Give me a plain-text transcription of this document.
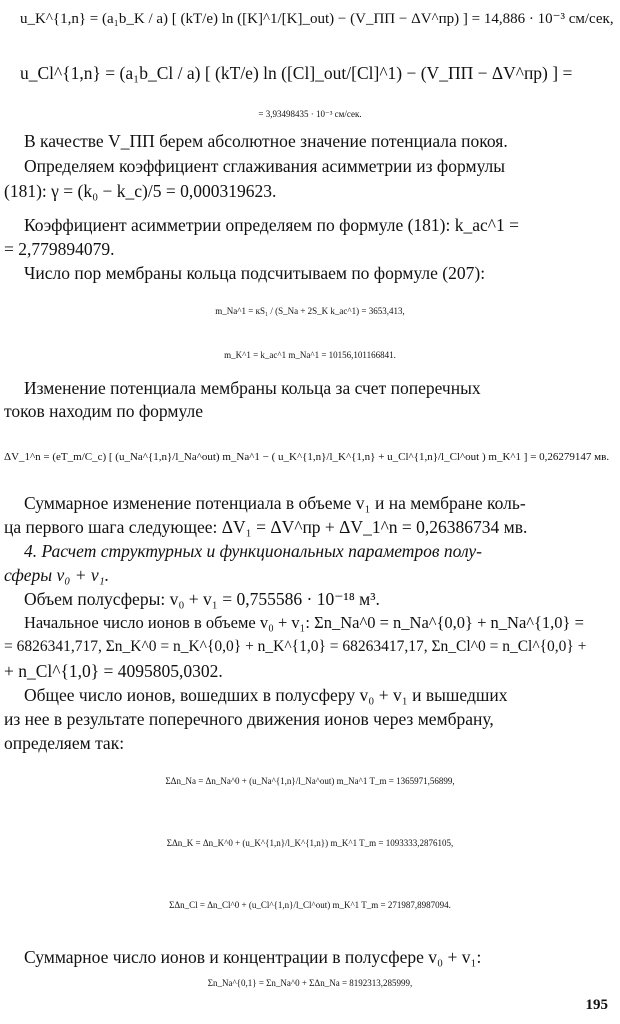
u_K^{1,n} = (a₁b_K / a) [ (kT/e) ln ([K]^1/[K]_out) − (V_ПП − ΔV^пр) ] = 14,886 · 10⁻³ см/сек,
u_Cl^{1,n} = (a₁b_Cl / a) [ (kT/e) ln ([Cl]_out/[Cl]^1) − (V_ПП − ΔV^пр) ] =
= 3,93498435 · 10⁻³ см/сек.
В качестве V_ПП берем абсолютное значение потенциала покоя.
Определяем коэффициент сглаживания асимметрии из формулы
(181): γ = (k₀ − k_c)/5 = 0,000319623.
Коэффициент асимметрии определяем по формуле (181): k_ac^1 =
= 2,779894079.
Число пор мембраны кольца подсчитываем по формуле (207):
m_Na^1 = кS₁ / (S_Na + 2S_K k_ac^1) = 3653,413,
m_K^1 = k_ac^1 m_Na^1 = 10156,101166841.
Изменение потенциала мембраны кольца за счет поперечных
токов находим по формуле
ΔV_1^n = (eT_m/C_c) [ (u_Na^{1,n}/l_Na^out) m_Na^1 − ( u_K^{1,n}/l_K^{1,n} + u_Cl^{1,n}/l_Cl^out ) m_K^1 ] = 0,26279147 мв.
Суммарное изменение потенциала в объеме v₁ и на мембране коль-
ца первого шага следующее: ΔV₁ = ΔV^пр + ΔV_1^n = 0,26386734 мв.
4. Расчет структурных и функциональных параметров полу-
сферы v₀ + v₁.
Объем полусферы: v₀ + v₁ = 0,755586 · 10⁻¹⁸ м³.
Начальное число ионов в объеме v₀ + v₁: Σn_Na^0 = n_Na^{0,0} + n_Na^{1,0} =
= 6826341,717, Σn_K^0 = n_K^{0,0} + n_K^{1,0} = 68263417,17, Σn_Cl^0 = n_Cl^{0,0} +
+ n_Cl^{1,0} = 4095805,0302.
Общее число ионов, вошедших в полусферу v₀ + v₁ и вышедших
из нее в результате поперечного движения ионов через мембрану,
определяем так:
ΣΔn_Na = Δn_Na^0 + (u_Na^{1,n}/l_Na^out) m_Na^1 T_m = 1365971,56899,
ΣΔn_K = Δn_K^0 + (u_K^{1,n}/l_K^{1,n}) m_K^1 T_m = 1093333,2876105,
ΣΔn_Cl = Δn_Cl^0 + (u_Cl^{1,n}/l_Cl^out) m_K^1 T_m = 271987,8987094.
Суммарное число ионов и концентрации в полусфере v₀ + v₁:
Σn_Na^{0,1} = Σn_Na^0 + ΣΔn_Na = 8192313,285999,
195
